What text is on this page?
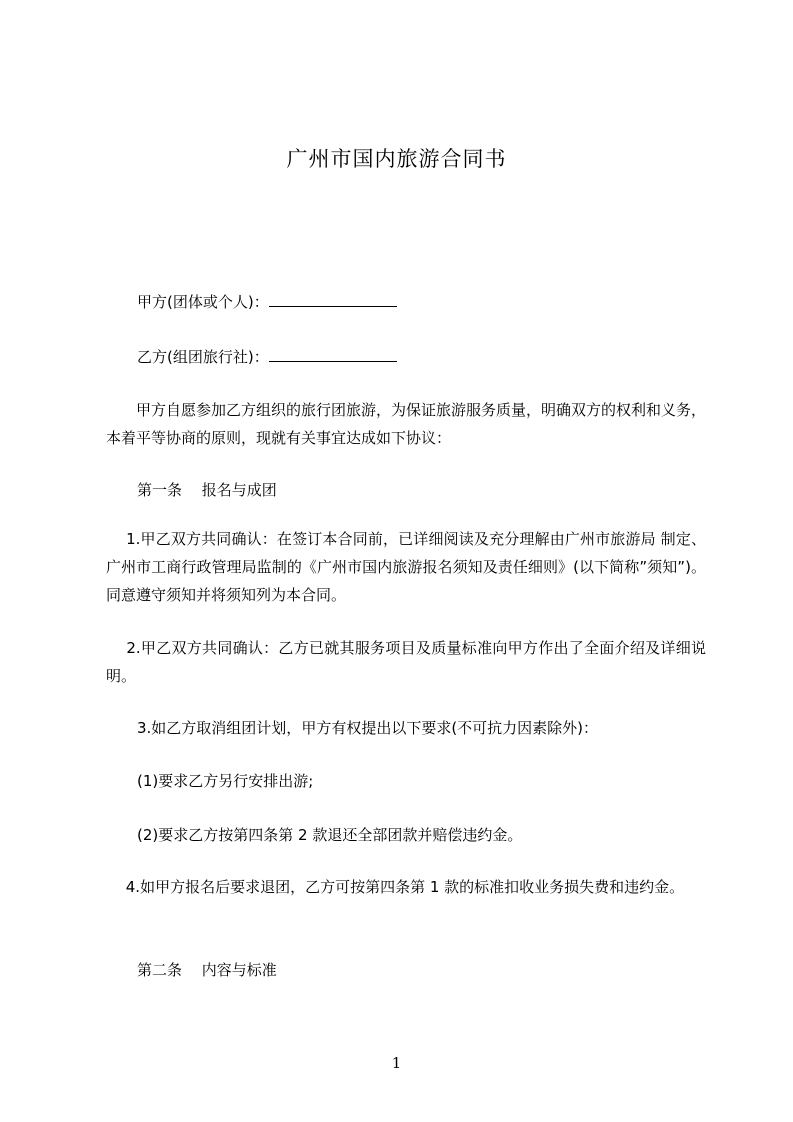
广州市国内旅游合同书
甲方(团体或个人)：
乙方(组团旅行社)：
　　甲方自愿参加乙方组织的旅行团旅游，为保证旅游服务质量，明确双方的权利和义务，本着平等协商的原则，现就有关事宜达成如下协议：
第一条　 报名与成团
　 1.甲乙双方共同确认：在签订本合同前，已详细阅读及充分理解由广州市旅游局 制定、广州市工商行政管理局监制的《广州市国内旅游报名须知及责任细则》(以下简称”须知”)。同意遵守须知并将须知列为本合同。
　 2.甲乙双方共同确认：乙方已就其服务项目及质量标准向甲方作出了全面介绍及详细说明。
3.如乙方取消组团计划，甲方有权提出以下要求(不可抗力因素除外)：
(1)要求乙方另行安排出游;
(2)要求乙方按第四条第 2 款退还全部团款并赔偿违约金。
　 4.如甲方报名后要求退团，乙方可按第四条第 1 款的标准扣收业务损失费和违约金。
第二条　 内容与标准
1
